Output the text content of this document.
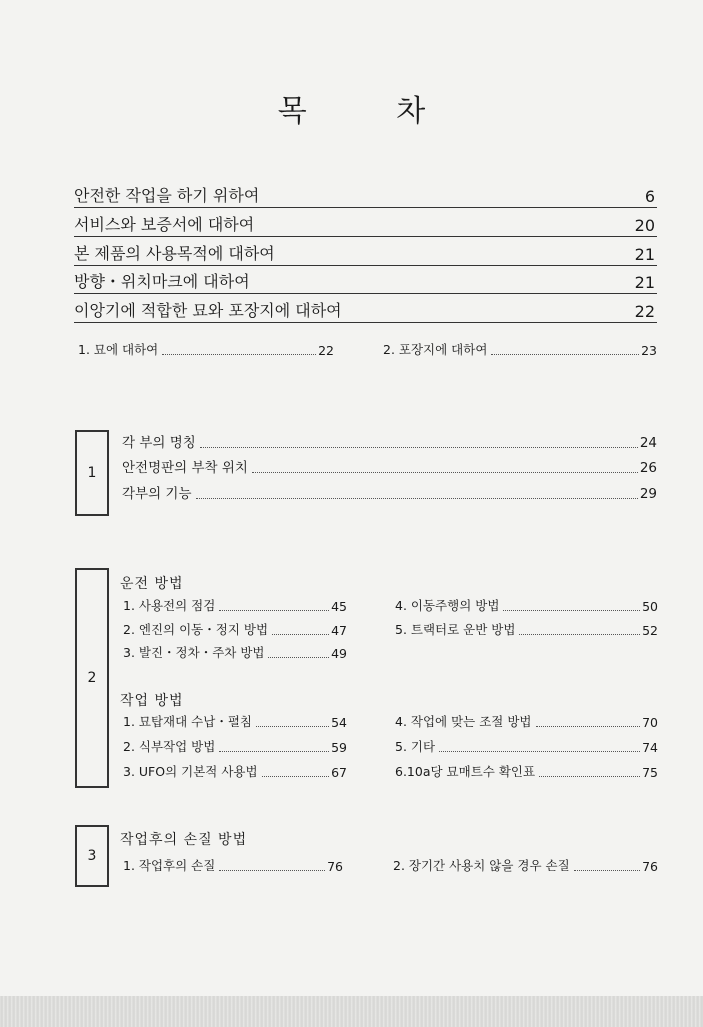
목 차
안전한 작업을 하기 위하여	6
서비스와 보증서에 대하여	20
본 제품의 사용목적에 대하여	21
방향・위치마크에 대하여	21
이앙기에 적합한 묘와 포장지에 대하여	22
1. 묘에 대하여	22	2. 포장지에 대하여	23
1
각 부의 명칭	24
안전명판의 부착 위치	26
각부의 기능	29
2
운전 방법
1. 사용전의 점검	45
2. 엔진의 이동・정지 방법	47
3. 발진・정차・주차 방법	49
4. 이동주행의 방법	50
5. 트랙터로 운반 방법	52
작업 방법
1. 묘탑재대 수납・펼침	54
2. 식부작업 방법	59
3. UFO의 기본적 사용법	67
4. 작업에 맞는 조절 방법	70
5. 기타	74
6.10a당 묘매트수 확인표	75
3
작업후의 손질 방법
1. 작업후의 손질	76	2. 장기간 사용치 않을 경우 손질	76
